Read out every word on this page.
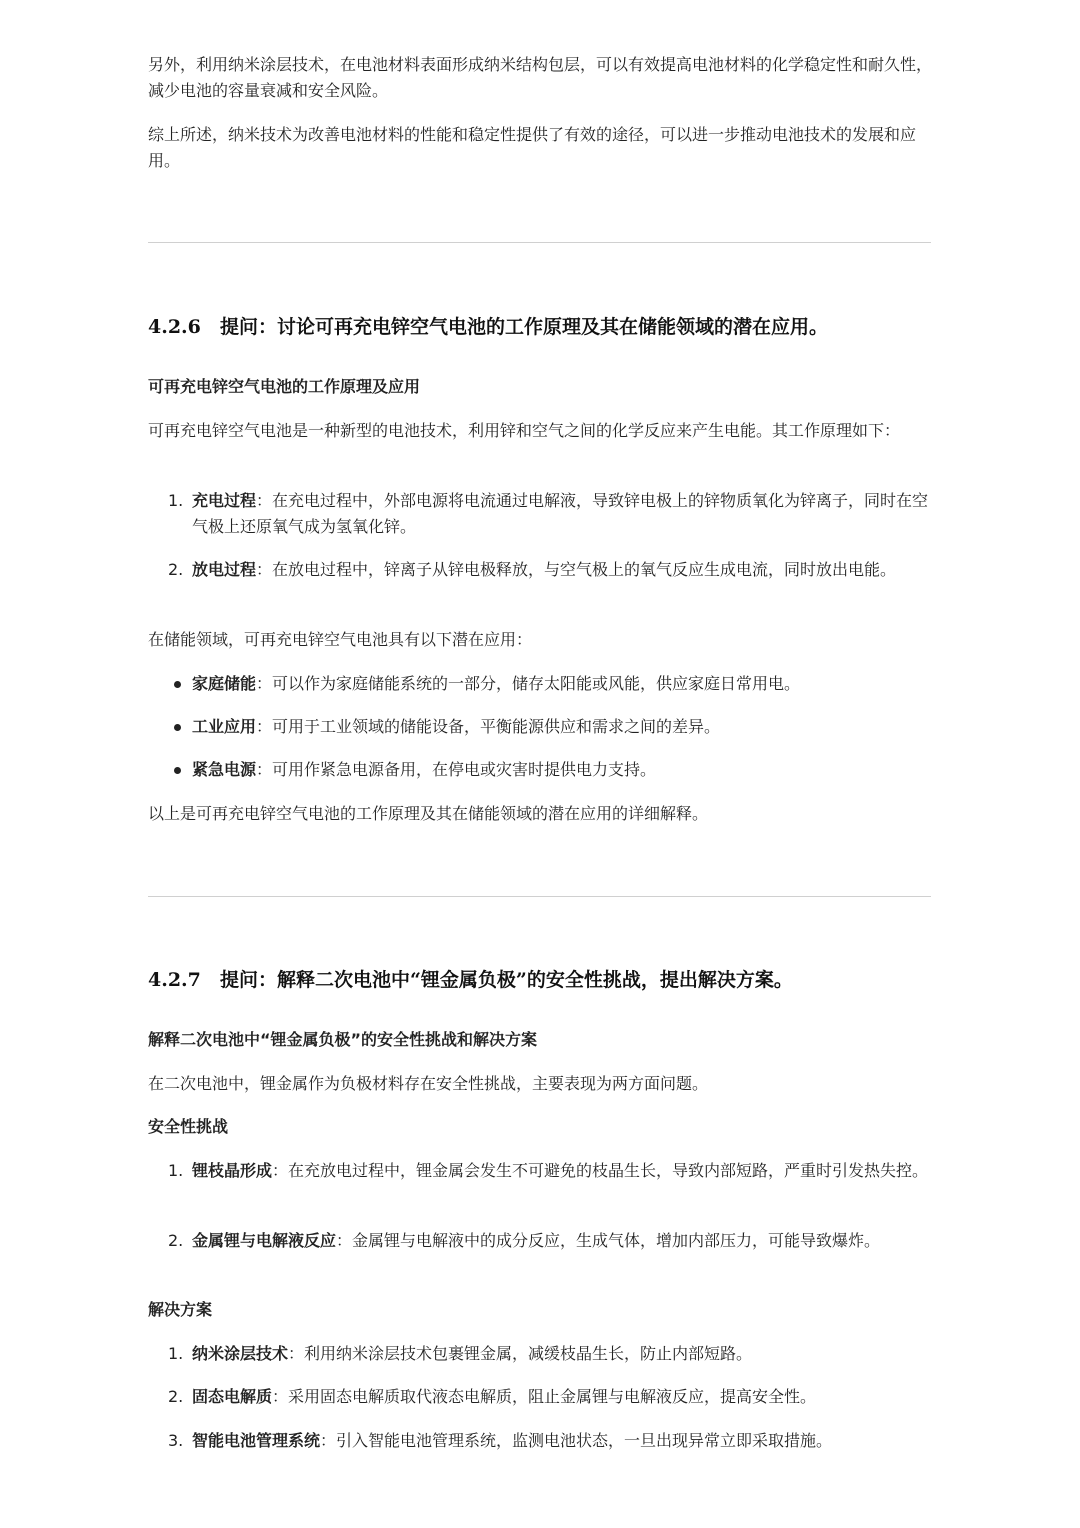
另外，利用纳米涂层技术，在电池材料表面形成纳米结构包层，可以有效提高电池材料的化学稳定性和耐久性，减少电池的容量衰减和安全风险。

综上所述，纳米技术为改善电池材料的性能和稳定性提供了有效的途径，可以进一步推动电池技术的发展和应用。

4.2.6 提问：讨论可再充电锌空气电池的工作原理及其在储能领域的潜在应用。
可再充电锌空气电池的工作原理及应用

可再充电锌空气电池是一种新型的电池技术，利用锌和空气之间的化学反应来产生电能。其工作原理如下：

1. 充电过程：在充电过程中，外部电源将电流通过电解液，导致锌电极上的锌物质氧化为锌离子，同时在空气极上还原氧气成为氢氧化锌。
2. 放电过程：在放电过程中，锌离子从锌电极释放，与空气极上的氧气反应生成电流，同时放出电能。

在储能领域，可再充电锌空气电池具有以下潜在应用：

家庭储能：可以作为家庭储能系统的一部分，储存太阳能或风能，供应家庭日常用电。
工业应用：可用于工业领域的储能设备，平衡能源供应和需求之间的差异。
紧急电源：可用作紧急电源备用，在停电或灾害时提供电力支持。

以上是可再充电锌空气电池的工作原理及其在储能领域的潜在应用的详细解释。

4.2.7 提问：解释二次电池中“锂金属负极”的安全性挑战，提出解决方案。
解释二次电池中“锂金属负极”的安全性挑战和解决方案

在二次电池中，锂金属作为负极材料存在安全性挑战，主要表现为两方面问题。

安全性挑战
1. 锂枝晶形成：在充放电过程中，锂金属会发生不可避免的枝晶生长，导致内部短路，严重时引发热失控。
2. 金属锂与电解液反应：金属锂与电解液中的成分反应，生成气体，增加内部压力，可能导致爆炸。
解决方案
1. 纳米涂层技术：利用纳米涂层技术包裹锂金属，减缓枝晶生长，防止内部短路。
2. 固态电解质：采用固态电解质取代液态电解质，阻止金属锂与电解液反应，提高安全性。
3. 智能电池管理系统：引入智能电池管理系统，监测电池状态，一旦出现异常立即采取措施。
